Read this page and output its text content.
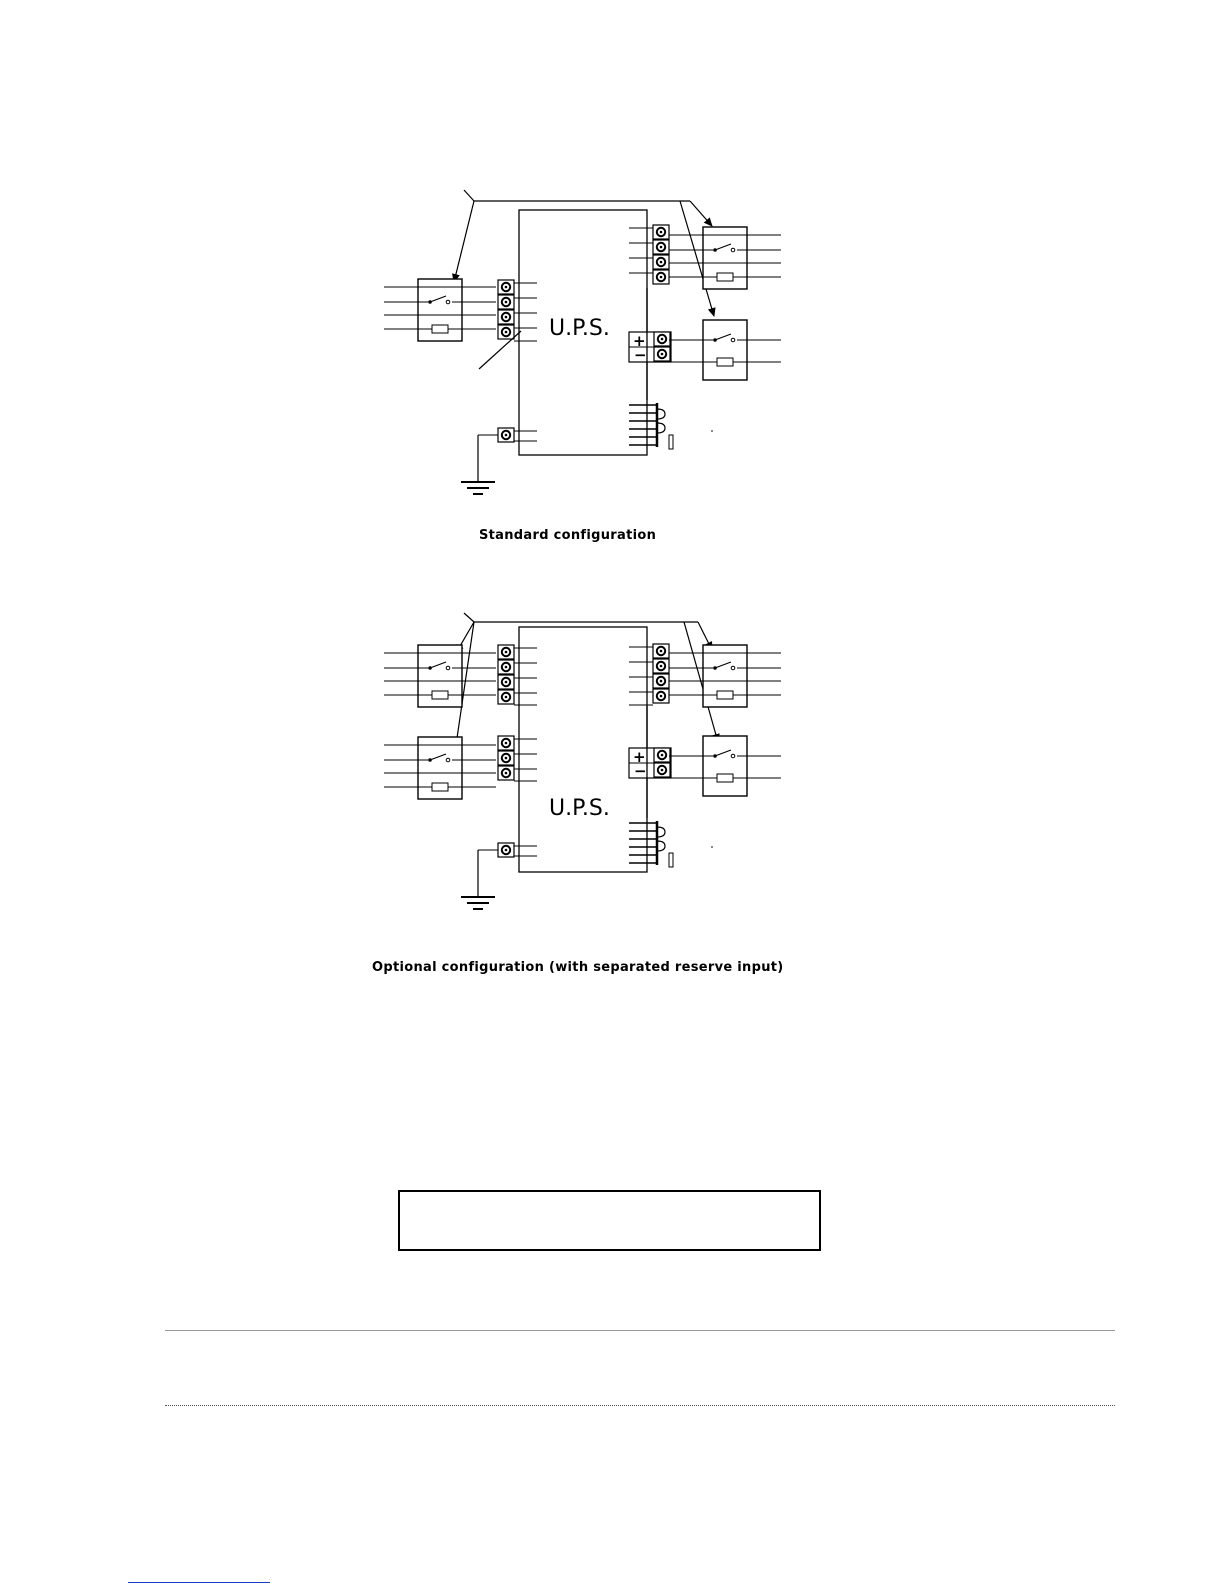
U.P.S. +
−
U.P.S.
+
−
Standard configuration
Optional configuration (with separated reserve input)
